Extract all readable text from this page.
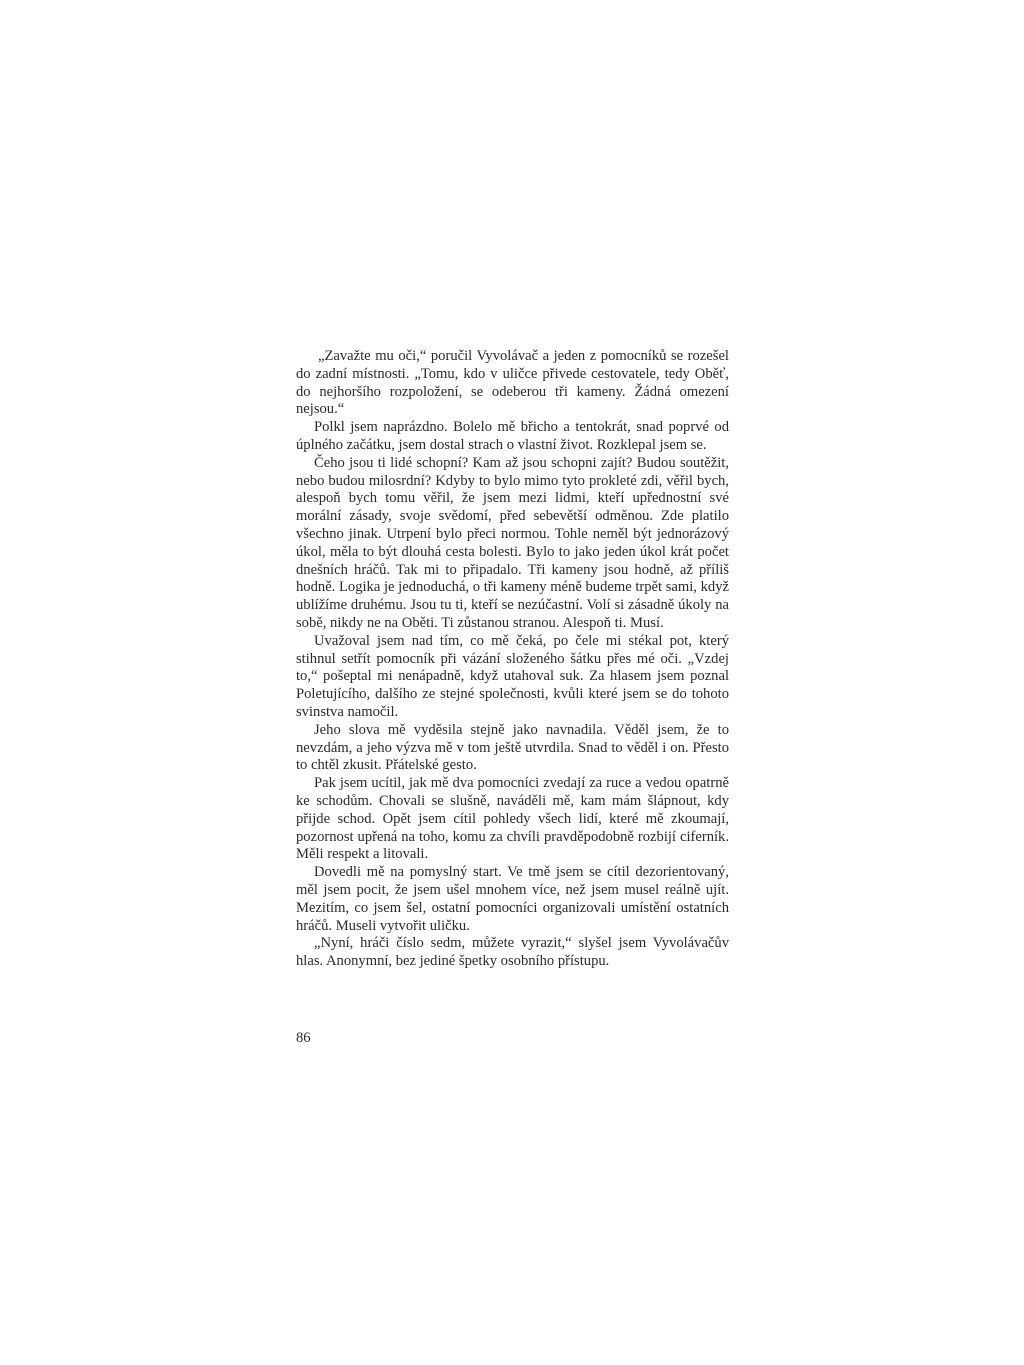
„Zavažte mu oči,“ poručil Vyvolávač a jeden z pomocníků se rozešel do zadní místnosti. „Tomu, kdo v uličce přivede cestovatele, tedy Oběť, do nejhoršího rozpoložení, se odeberou tři kameny. Žádná omezení nejsou.“

Polkl jsem naprázdno. Bolelo mě břicho a tentokrát, snad poprvé od úplného začátku, jsem dostal strach o vlastní život. Rozklepal jsem se.

Čeho jsou ti lidé schopní? Kam až jsou schopni zajít? Budou soutěžit, nebo budou milosrdní? Kdyby to bylo mimo tyto prokleté zdi, věřil bych, alespoň bych tomu věřil, že jsem mezi lidmi, kteří upřednostní své morální zásady, svoje svědomí, před sebevětší odměnou. Zde platilo všechno jinak. Utrpení bylo přeci normou. Tohle neměl být jednorázový úkol, měla to být dlouhá cesta bolesti. Bylo to jako jeden úkol krát počet dnešních hráčů. Tak mi to připadalo. Tři kameny jsou hodně, až příliš hodně. Logika je jednoduchá, o tři kameny méně budeme trpět sami, když ublížíme druhému. Jsou tu ti, kteří se nezúčastní. Volí si zásadně úkoly na sobě, nikdy ne na Oběti. Ti zůstanou stranou. Alespoň ti. Musí.

Uvažoval jsem nad tím, co mě čeká, po čele mi stékal pot, který stihnul setřít pomocník při vázání složeného šátku přes mé oči. „Vzdej to,“ pošeptal mi nenápadně, když utahoval suk. Za hlasem jsem poznal Poletujícího, dalšího ze stejné společnosti, kvůli které jsem se do tohoto svinstva namočil.

Jeho slova mě vyděsila stejně jako navnadila. Věděl jsem, že to nevzdám, a jeho výzva mě v tom ještě utvrdila. Snad to věděl i on. Přesto to chtěl zkusit. Přátelské gesto.

Pak jsem ucítil, jak mě dva pomocníci zvedají za ruce a vedou opatrně ke schodům. Chovali se slušně, naváděli mě, kam mám šlápnout, kdy přijde schod. Opět jsem cítil pohledy všech lidí, které mě zkoumají, pozornost upřená na toho, komu za chvíli pravděpodobně rozbijí ciferník. Měli respekt a litovali.

Dovedli mě na pomyslný start. Ve tmě jsem se cítil dezorientovaný, měl jsem pocit, že jsem ušel mnohem více, než jsem musel reálně ujít. Mezitím, co jsem šel, ostatní pomocníci organizovali umístění ostatních hráčů. Museli vytvořit uličku.

„Nyní, hráči číslo sedm, můžete vyrazit,“ slyšel jsem Vyvolávačův hlas. Anonymní, bez jediné špetky osobního přístupu.

86
